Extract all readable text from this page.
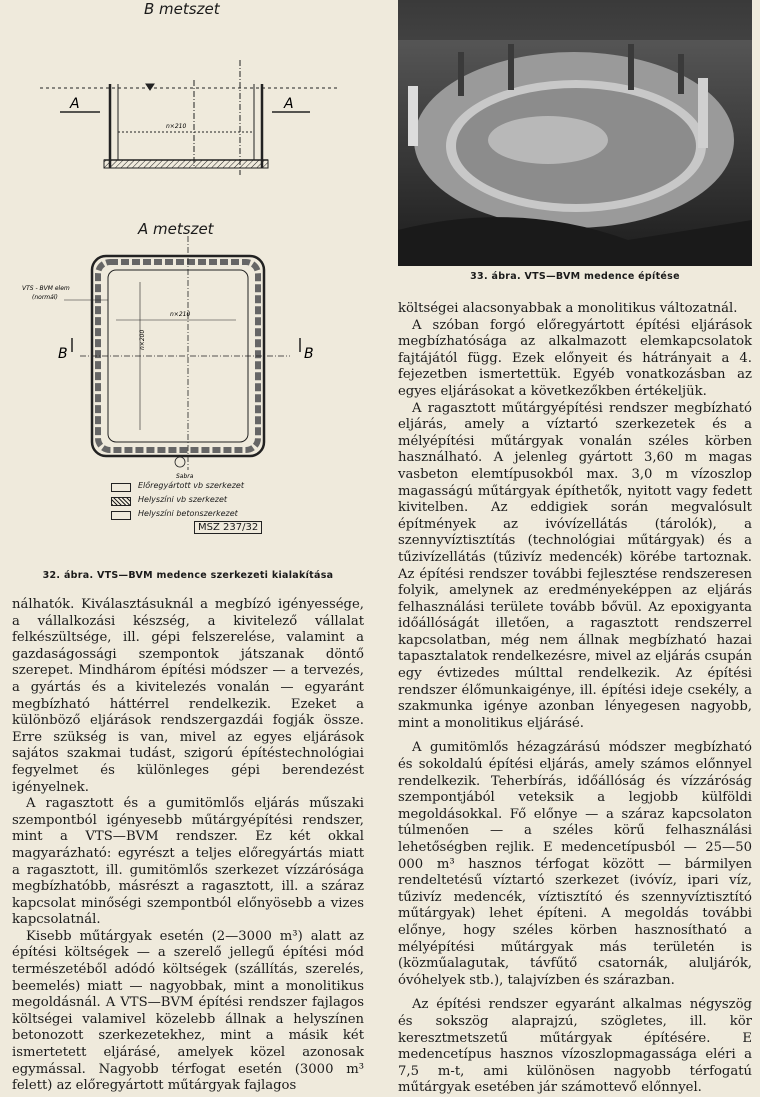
A	A
n×210
VTS - BVM elem
(normál)
B	B
n×200
n×210
Sabra
B metszet
A metszet
Előregyártott vb szerkezet
Helyszíni vb szerkezet
Helyszíni betonszerkezet
MSZ 237/32
32. ábra. VTS—BVM medence szerkezeti kialakítása
33. ábra. VTS—BVM medence építése

nálhatók. Kiválasztásuknál a megbízó igényessége, a vállalkozási készség, a kivitelező vállalat felkészültsége, ill. gépi felszerelése, valamint a gazdaságossági szempontok játszanak döntő szerepet. Mindhárom építési módszer — a tervezés, a gyártás és a kivitelezés vonalán — egyaránt megbízható háttérrel rendelkezik. Ezeket a különböző eljárások rendszergazdái fogják össze. Erre szükség is van, mivel az egyes eljárások sajátos szakmai tudást, szigorú építéstechnológiai fegyelmet és különleges gépi berendezést igényelnek.

A ragasztott és a gumitömlős eljárás műszaki szempontból igényesebb műtárgyépítési rendszer, mint a VTS—BVM rendszer. Ez két okkal magyarázható: egyrészt a teljes előregyártás miatt a ragasztott, ill. gumitömlős szerkezet vízzárósága megbízhatóbb, másrészt a ragasztott, ill. a száraz kapcsolat minőségi szempontból előnyösebb a vizes kapcsolatnál.

Kisebb műtárgyak esetén (2—3000 m³) alatt az építési költségek — a szerelő jellegű építési mód természetéből adódó költségek (szállítás, szerelés, beemelés) miatt — nagyobbak, mint a monolitikus megoldásnál. A VTS—BVM építési rendszer fajlagos költségei valamivel közelebb állnak a helyszínen betonozott szerkezetekhez, mint a másik két ismertetett eljárásé, amelyek közel azonosak egymással. Nagyobb térfogat esetén (3000 m³ felett) az előregyártott műtárgyak fajlagos

költségei alacsonyabbak a monolitikus változatnál.

A szóban forgó előregyártott építési eljárások megbízhatósága az alkalmazott elemkapcsolatok fajtájától függ. Ezek előnyeit és hátrányait a 4. fejezetben ismertettük. Egyéb vonatkozásban az egyes eljárásokat a következőkben értékeljük.

A ragasztott műtárgyépítési rendszer megbízható eljárás, amely a víztartó szerkezetek és a mélyépítési műtárgyak vonalán széles körben használható. A jelenleg gyártott 3,60 m magas vasbeton elemtípusokból max. 3,0 m vízoszlop magasságú műtárgyak építhetők, nyitott vagy fedett kivitelben. Az eddigiek során megvalósult építmények az ivóvízellátás (tárolók), a szennyvíztisztítás (technológiai műtárgyak) és a tűzivízellátás (tűzivíz medencék) körébe tartoznak. Az építési rendszer további fejlesztése rendszeresen folyik, amelynek az eredményeképpen az eljárás felhasználási területe tovább bővül. Az epoxigyanta időállóságát illetően, a ragasztott rendszerrel kapcsolatban, még nem állnak megbízható hazai tapasztalatok rendelkezésre, mivel az eljárás csupán egy évtizedes múlttal rendelkezik. Az építési rendszer élőmunkaigénye, ill. építési ideje csekély, a szakmunka igénye azonban lényegesen nagyobb, mint a monolitikus eljárásé.

A gumitömlős hézagzárású módszer megbízható és sokoldalú építési eljárás, amely számos előnnyel rendelkezik. Teherbírás, időállóság és vízzáróság szempontjából veteksik a legjobb külföldi megoldásokkal. Fő előnye — a száraz kapcsolaton túlmenően — a széles körű felhasználási lehetőségben rejlik. E medencetípusból — 25—50 000 m³ hasznos térfogat között — bármilyen rendeltetésű víztartó szerkezet (ivóvíz, ipari víz, tűzivíz medencék, víztisztító és szennyvíztisztító műtárgyak) lehet építeni. A megoldás további előnye, hogy széles körben hasznosítható a mélyépítési műtárgyak más területén is (közműalagutak, távfűtő csatornák, aluljárók, óvóhelyek stb.), talajvízben és szárazban.

Az építési rendszer egyaránt alkalmas négyszög és sokszög alaprajzú, szögletes, ill. kör keresztmetszetű műtárgyak építésére. E medencetípus hasznos vízoszlopmagassága eléri a 7,5 m-t, ami különösen nagyobb térfogatú műtárgyak esetében jár számottevő előnnyel.
